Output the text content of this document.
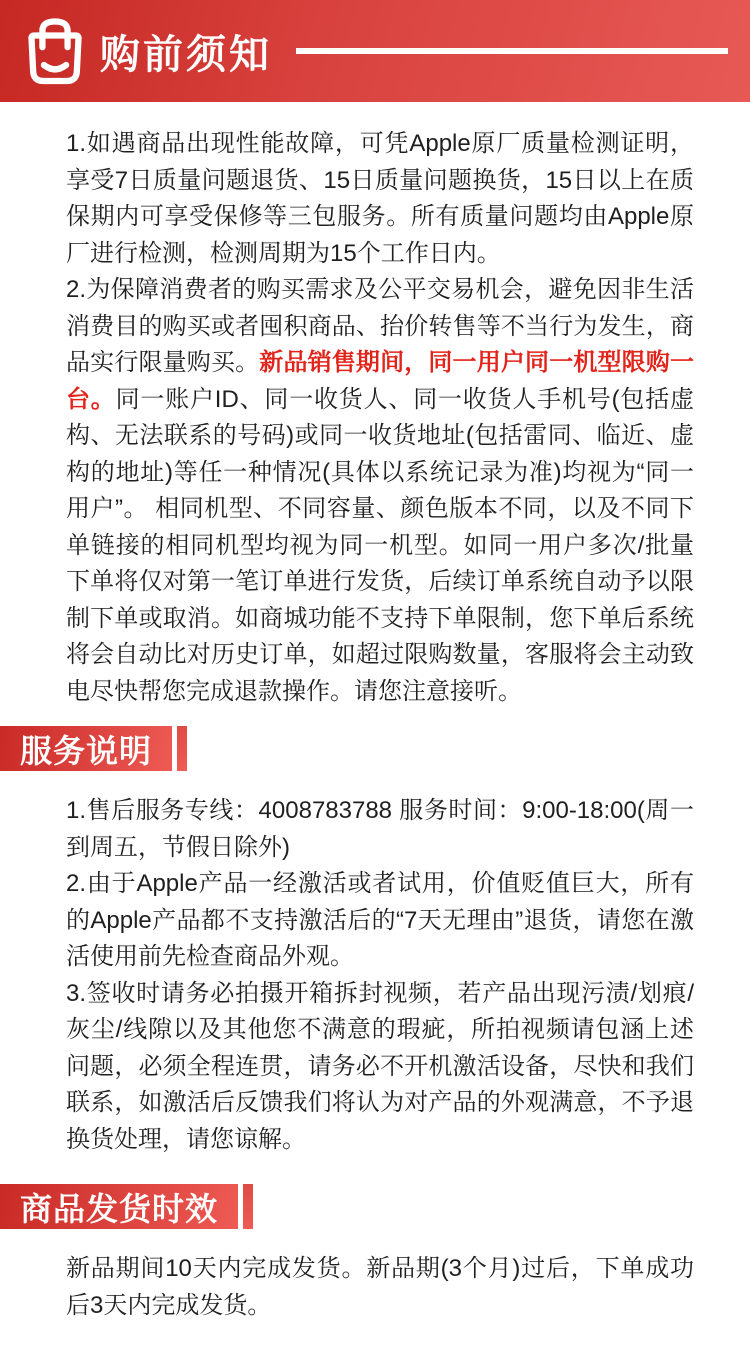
购前须知

1.如遇商品出现性能故障，可凭Apple原厂质量检测证明，享受7日质量问题退货、15日质量问题换货，15日以上在质保期内可享受保修等三包服务。所有质量问题均由Apple原厂进行检测，检测周期为15个工作日内。

2.为保障消费者的购买需求及公平交易机会，避免因非生活消费目的购买或者囤积商品、抬价转售等不当行为发生，商品实行限量购买。新品销售期间，同一用户同一机型限购一台。同一账户ID、同一收货人、同一收货人手机号(包括虚构、无法联系的号码)或同一收货地址(包括雷同、临近、虚构的地址)等任一种情况(具体以系统记录为准)均视为“同一用户”。 相同机型、不同容量、颜色版本不同，以及不同下单链接的相同机型均视为同一机型。如同一用户多次/批量下单将仅对第一笔订单进行发货，后续订单系统自动予以限制下单或取消。如商城功能不支持下单限制，您下单后系统将会自动比对历史订单，如超过限购数量，客服将会主动致电尽快帮您完成退款操作。请您注意接听。

服务说明

1.售后服务专线：4008783788 服务时间：9:00-18:00(周一到周五，节假日除外)

2.由于Apple产品一经激活或者试用，价值贬值巨大，所有的Apple产品都不支持激活后的“7天无理由”退货，请您在激活使用前先检查商品外观。

3.签收时请务必拍摄开箱拆封视频，若产品出现污渍/划痕/灰尘/线隙以及其他您不满意的瑕疵，所拍视频请包涵上述问题，必须全程连贯，请务必不开机激活设备，尽快和我们联系，如激活后反馈我们将认为对产品的外观满意，不予退换货处理，请您谅解。

商品发货时效

新品期间10天内完成发货。新品期(3个月)过后，下单成功后3天内完成发货。
